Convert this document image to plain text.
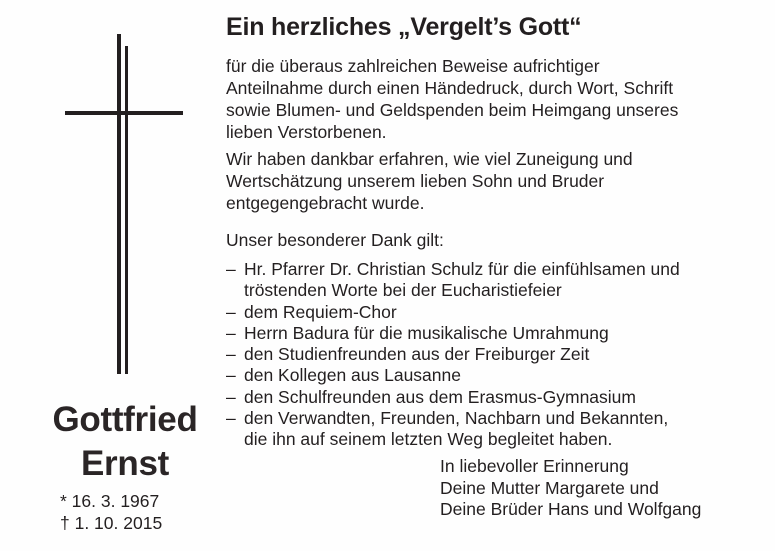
Gottfried
Ernst
* 16. 3. 1967
† 1. 10. 2015
Ein herzliches „Vergelt’s Gott“
für die überaus zahlreichen Beweise aufrichtiger
Anteilnahme durch einen Händedruck, durch Wort, Schrift
sowie Blumen- und Geldspenden beim Heimgang unseres
lieben Verstorbenen.
Wir haben dankbar erfahren, wie viel Zuneigung und
Wertschätzung unserem lieben Sohn und Bruder
entgegengebracht wurde.
Unser besonderer Dank gilt:
– Hr. Pfarrer Dr. Christian Schulz für die einfühlsamen und
tröstenden Worte bei der Eucharistiefeier
– dem Requiem-Chor
– Herrn Badura für die musikalische Umrahmung
– den Studienfreunden aus der Freiburger Zeit
– den Kollegen aus Lausanne
– den Schulfreunden aus dem Erasmus-Gymnasium
– den Verwandten, Freunden, Nachbarn und Bekannten,
die ihn auf seinem letzten Weg begleitet haben.
In liebevoller Erinnerung
Deine Mutter Margarete und
Deine Brüder Hans und Wolfgang
